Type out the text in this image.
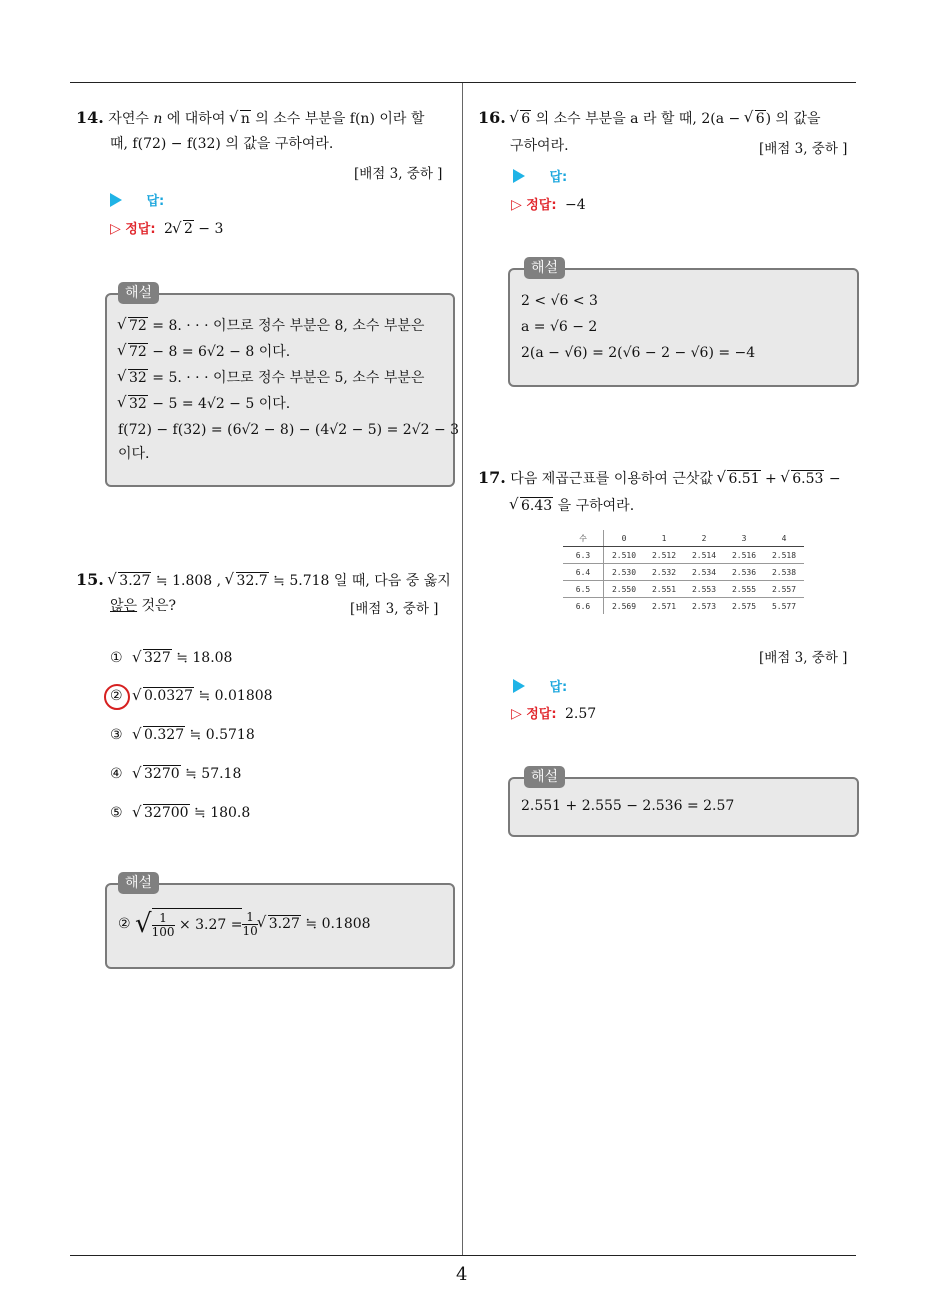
4
14. 자연수 n 에 대하여 √ n 의 소수 부분을 f(n) 이라 할
때, f(72) − f(32) 의 값을 구하여라.
[배점 3, 중하 ]
답:
▷ 정답: 2 √ 2 − 3
해설
√ 72 = 8. · · · 이므로 정수 부분은 8, 소수 부분은
√ 72 − 8 = 6√2 − 8 이다.
√ 32 = 5. · · · 이므로 정수 부분은 5, 소수 부분은
√ 32 − 5 = 4√2 − 5 이다.
f(72) − f(32) = (6√2 − 8) − (4√2 − 5) = 2√2 − 3
이다.
15. √ 3.27 ≒ 1.808 , √ 32.7 ≒ 5.718 일 때, 다음 중 옳지
않은 것은?	[배점 3, 중하 ]
① √ 327 ≒ 18.08
② √ 0.0327 ≒ 0.01808
③ √ 0.327 ≒ 0.5718
④ √ 3270 ≒ 57.18
⑤ √ 32700 ≒ 180.8
해설
② √ $\frac{1}{100} \times 3.27 = \frac{1}{10}$ √ 3.27 ≒ 0.1808
16. √ 6 의 소수 부분을 a 라 할 때, 2(a − √ 6) 의 값을
구하여라.	[배점 3, 중하 ]
답:
▷ 정답: −4
해설
2 < √6 < 3
a = √6 − 2
2(a − √6) = 2(√6 − 2 − √6) = −4
17. 다음 제곱근표를 이용하여 근삿값 √ 6.51 + √ 6.53 −
√ 6.43 을 구하여라.
수	0	1	2	3	4
6.3	2.510	2.512	2.514	2.516	2.518
6.4	2.530	2.532	2.534	2.536	2.538
6.5	2.550	2.551	2.553	2.555	2.557
6.6	2.569	2.571	2.573	2.575	5.577
[배점 3, 중하 ]
답:
▷ 정답: 2.57
해설
2.551 + 2.555 − 2.536 = 2.57
